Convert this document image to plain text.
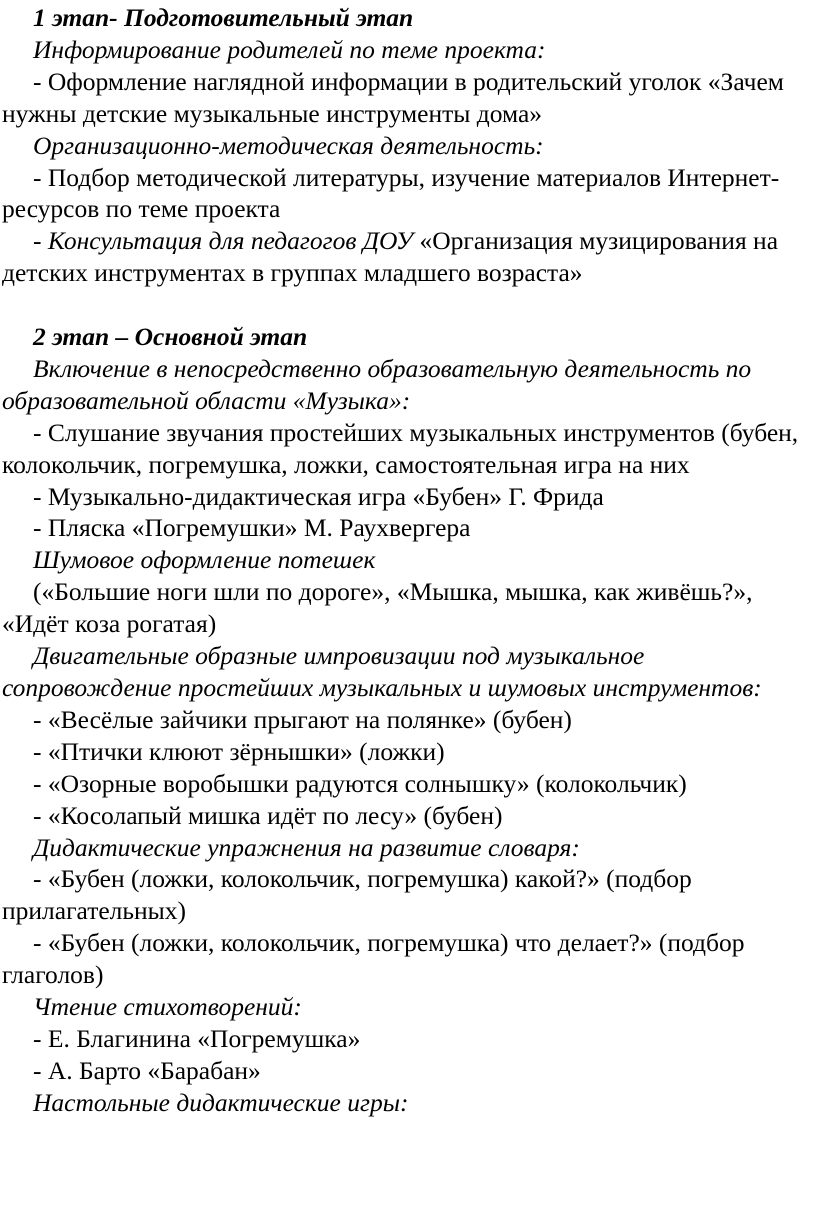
1 этап- Подготовительный этап

Информирование родителей по теме проекта:

- Оформление наглядной информации в родительский уголок «Зачем нужны детские музыкальные инструменты дома»

Организационно-методическая деятельность:

- Подбор методической литературы, изучение материалов Интернет-ресурсов по теме проекта

- Консультация для педагогов ДОУ «Организация музицирования на детских инструментах в группах младшего возраста»

2 этап – Основной этап

Включение в непосредственно образовательную деятельность по образовательной области «Музыка»:

- Слушание звучания простейших музыкальных инструментов (бубен, колокольчик, погремушка, ложки, самостоятельная игра на них

- Музыкально-дидактическая игра «Бубен» Г. Фрида

- Пляска «Погремушки» М. Раухвергера

Шумовое оформление потешек

(«Большие ноги шли по дороге», «Мышка, мышка, как живёшь?», «Идёт коза рогатая)

Двигательные образные импровизации под музыкальное сопровождение простейших музыкальных и шумовых инструментов:

- «Весёлые зайчики прыгают на полянке» (бубен)

- «Птички клюют зёрнышки» (ложки)

- «Озорные воробышки радуются солнышку» (колокольчик)

- «Косолапый мишка идёт по лесу» (бубен)

Дидактические упражнения на развитие словаря:

- «Бубен (ложки, колокольчик, погремушка) какой?» (подбор прилагательных)

- «Бубен (ложки, колокольчик, погремушка) что делает?» (подбор глаголов)

Чтение стихотворений:

- Е. Благинина «Погремушка»

- А. Барто «Барабан»

Настольные дидактические игры:
